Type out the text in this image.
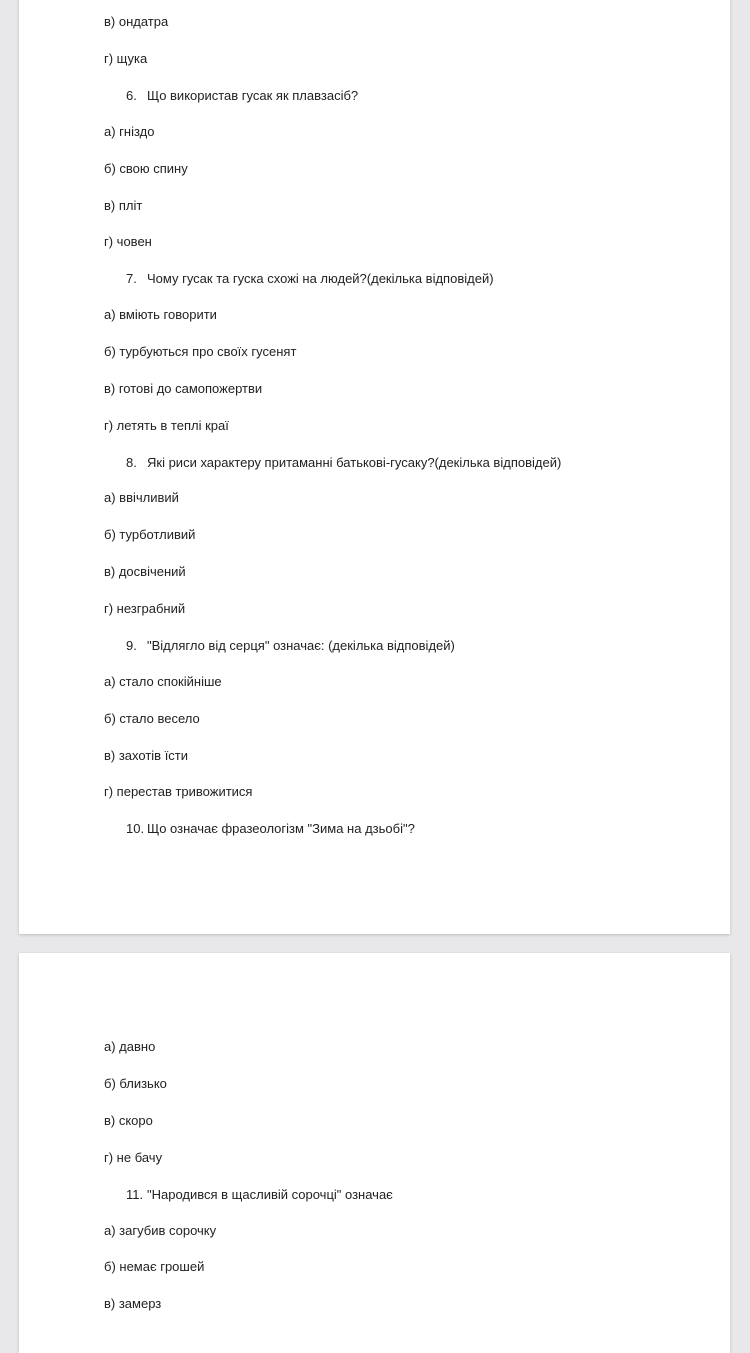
в) ондатра
г) щука
6. Що використав гусак як плавзасіб?
а) гніздо
б) свою спину
в) пліт
г) човен
7. Чому гусак та гуска схожі на людей?(декілька відповідей)
а) вміють говорити
б) турбуються про своїх гусенят
в) готові до самопожертви
г) летять в теплі краї
8. Які риси характеру притаманні батькові-гусаку?(декілька відповідей)
а) ввічливий
б) турботливий
в) досвічений
г) незграбний
9. "Відлягло від серця" означає: (декілька відповідей)
а) стало спокійніше
б) стало весело
в) захотів їсти
г) перестав тривожитися
10. Що означає фразеологізм "Зима на дзьобі"?
а) давно
б) близько
в) скоро
г) не бачу
11. "Народився в щасливій сорочці" означає
а) загубив сорочку
б) немає грошей
в) замерз
